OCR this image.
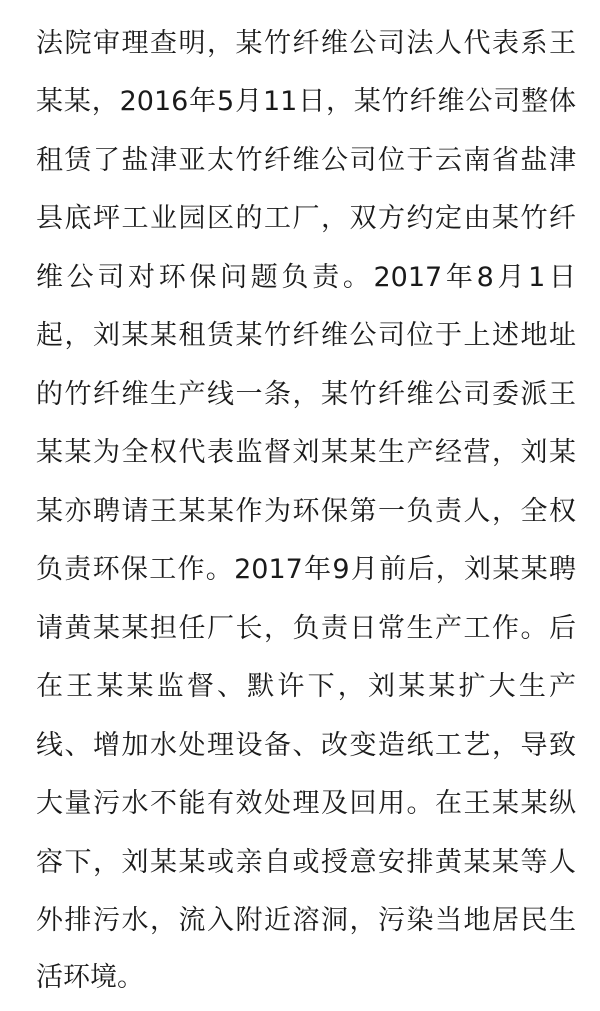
法院审理查明，某竹纤维公司法人代表系王
某某，2016年5月11日，某竹纤维公司整体
租赁了盐津亚太竹纤维公司位于云南省盐津
县底坪工业园区的工厂，双方约定由某竹纤
维公司对环保问题负责。2017年8月1日
起，刘某某租赁某竹纤维公司位于上述地址
的竹纤维生产线一条，某竹纤维公司委派王
某某为全权代表监督刘某某生产经营，刘某
某亦聘请王某某作为环保第一负责人，全权
负责环保工作。2017年9月前后，刘某某聘
请黄某某担任厂长，负责日常生产工作。后
在王某某监督、默许下，刘某某扩大生产
线、增加水处理设备、改变造纸工艺，导致
大量污水不能有效处理及回用。在王某某纵
容下，刘某某或亲自或授意安排黄某某等人
外排污水，流入附近溶洞，污染当地居民生
活环境。
